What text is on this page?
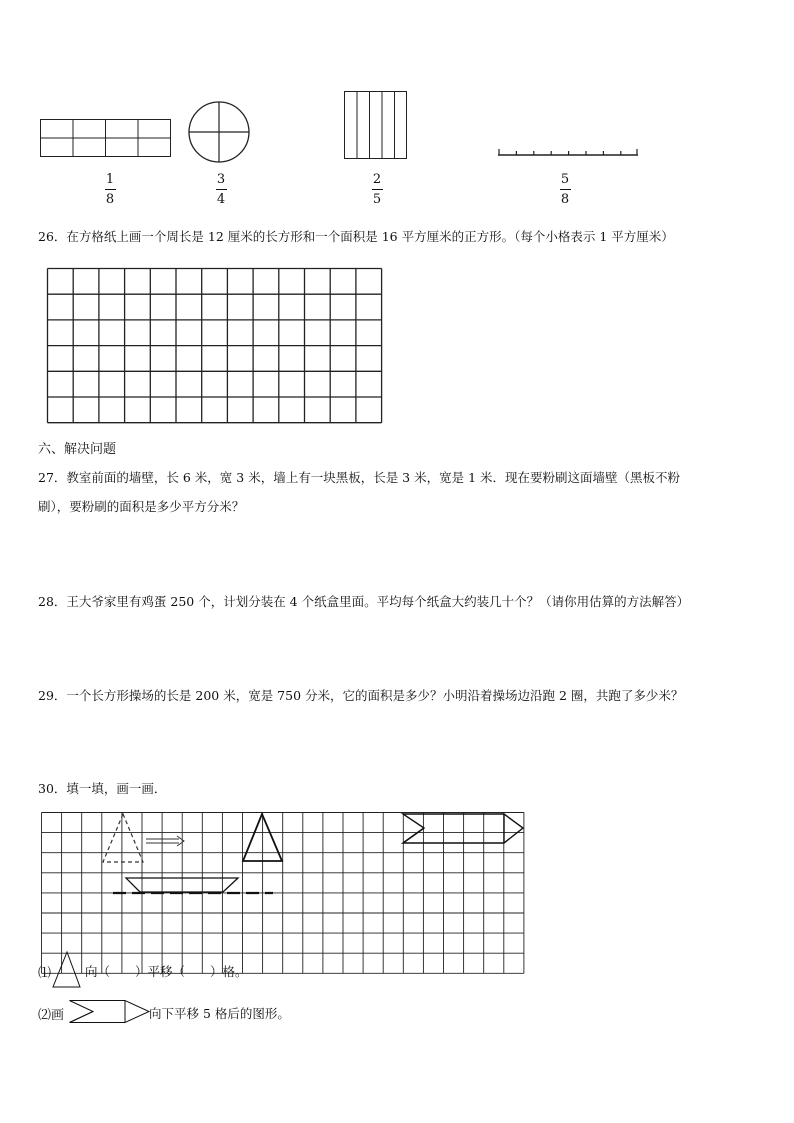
1
8
3
4
2
5
5
8
26．在方格纸上画一个周长是 12 厘米的长方形和一个面积是 16 平方厘米的正方形。（每个小格表示 1 平方厘米）
六、解决问题
27．教室前面的墙壁，长 6 米，宽 3 米，墙上有一块黑板，长是 3 米，宽是 1 米．现在要粉刷这面墙壁（黑板不粉
刷），要粉刷的面积是多少平方分米？
28．王大爷家里有鸡蛋 250 个，计划分装在 4 个纸盒里面。平均每个纸盒大约装几十个？（请你用估算的方法解答）
29．一个长方形操场的长是 200 米，宽是 750 分米，它的面积是多少？小明沿着操场边沿跑 2 圈，共跑了多少米？
30．填一填，画一画．
⑴	向（　　）平移（　　）格。
⑵画	向下平移 5 格后的图形。
